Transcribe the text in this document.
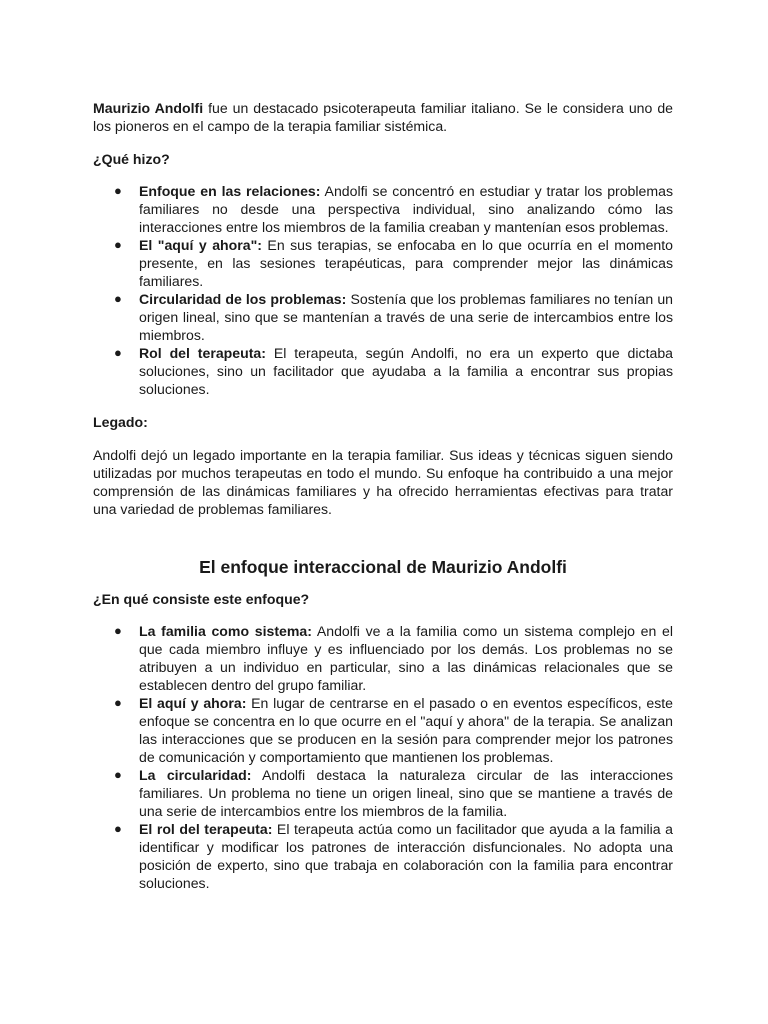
Maurizio Andolfi fue un destacado psicoterapeuta familiar italiano. Se le considera uno de los pioneros en el campo de la terapia familiar sistémica.

¿Qué hizo?

● Enfoque en las relaciones: Andolfi se concentró en estudiar y tratar los problemas familiares no desde una perspectiva individual, sino analizando cómo las interacciones entre los miembros de la familia creaban y mantenían esos problemas.
● El "aquí y ahora": En sus terapias, se enfocaba en lo que ocurría en el momento presente, en las sesiones terapéuticas, para comprender mejor las dinámicas familiares.
● Circularidad de los problemas: Sostenía que los problemas familiares no tenían un origen lineal, sino que se mantenían a través de una serie de intercambios entre los miembros.
● Rol del terapeuta: El terapeuta, según Andolfi, no era un experto que dictaba soluciones, sino un facilitador que ayudaba a la familia a encontrar sus propias soluciones.

Legado:

Andolfi dejó un legado importante en la terapia familiar. Sus ideas y técnicas siguen siendo utilizadas por muchos terapeutas en todo el mundo. Su enfoque ha contribuido a una mejor comprensión de las dinámicas familiares y ha ofrecido herramientas efectivas para tratar una variedad de problemas familiares.

El enfoque interaccional de Maurizio Andolfi

¿En qué consiste este enfoque?

● La familia como sistema: Andolfi ve a la familia como un sistema complejo en el que cada miembro influye y es influenciado por los demás. Los problemas no se atribuyen a un individuo en particular, sino a las dinámicas relacionales que se establecen dentro del grupo familiar.
● El aquí y ahora: En lugar de centrarse en el pasado o en eventos específicos, este enfoque se concentra en lo que ocurre en el "aquí y ahora" de la terapia. Se analizan las interacciones que se producen en la sesión para comprender mejor los patrones de comunicación y comportamiento que mantienen los problemas.
● La circularidad: Andolfi destaca la naturaleza circular de las interacciones familiares. Un problema no tiene un origen lineal, sino que se mantiene a través de una serie de intercambios entre los miembros de la familia.
● El rol del terapeuta: El terapeuta actúa como un facilitador que ayuda a la familia a identificar y modificar los patrones de interacción disfuncionales. No adopta una posición de experto, sino que trabaja en colaboración con la familia para encontrar soluciones.
